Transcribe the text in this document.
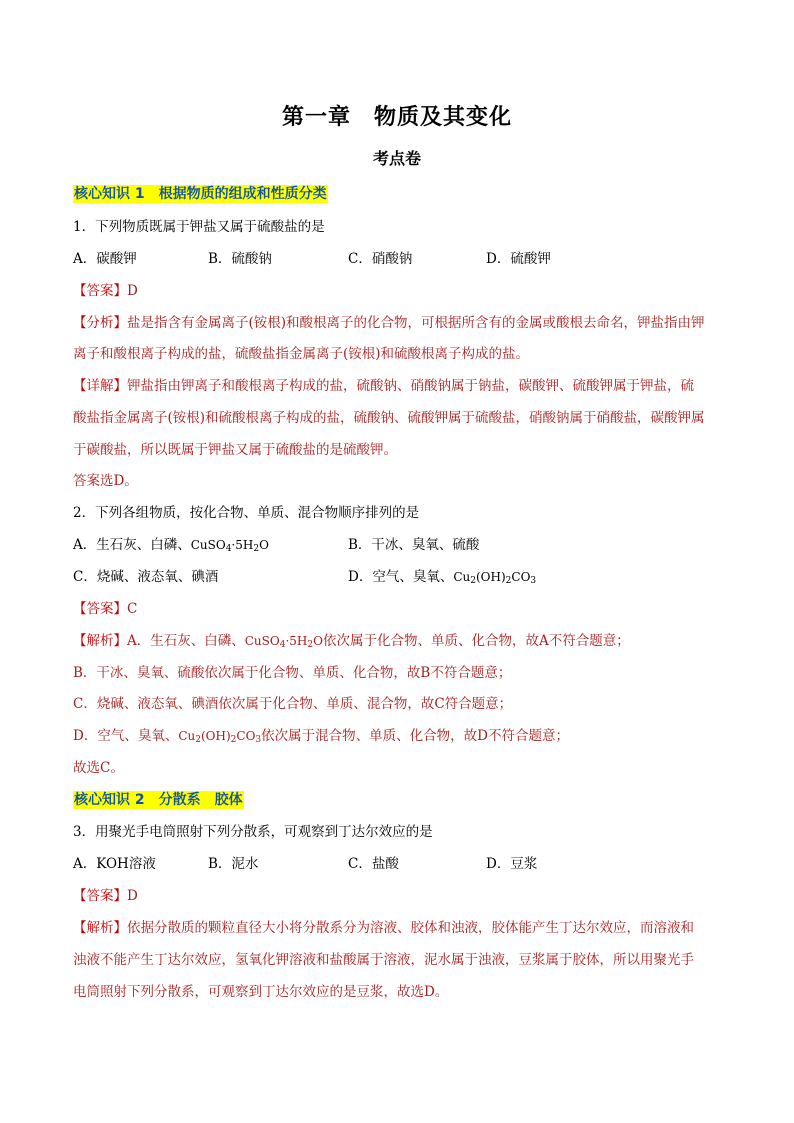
第一章　物质及其变化
考点卷
核心知识 1　根据物质的组成和性质分类
1．下列物质既属于钾盐又属于硫酸盐的是
A．碳酸钾	B．硫酸钠	C．硝酸钠	D．硫酸钾
【答案】D
【分析】盐是指含有金属离子(铵根)和酸根离子的化合物，可根据所含有的金属或酸根去命名，钾盐指由钾
离子和酸根离子构成的盐，硫酸盐指金属离子(铵根)和硫酸根离子构成的盐。
【详解】钾盐指由钾离子和酸根离子构成的盐，硫酸钠、硝酸钠属于钠盐，碳酸钾、硫酸钾属于钾盐，硫
酸盐指金属离子(铵根)和硫酸根离子构成的盐，硫酸钠、硫酸钾属于硫酸盐，硝酸钠属于硝酸盐，碳酸钾属
于碳酸盐，所以既属于钾盐又属于硫酸盐的是硫酸钾。
答案选D。
2．下列各组物质，按化合物、单质、混合物顺序排列的是
A．生石灰、白磷、$CuSO_4\cdot 5H_2O$	B．干冰、臭氧、硫酸
C．烧碱、液态氧、碘酒	D．空气、臭氧、$Cu_2(OH)_2CO_3$
【答案】C
【解析】A．生石灰、白磷、$CuSO_4\cdot 5H_2O$依次属于化合物、单质、化合物，故A不符合题意；
B．干冰、臭氧、硫酸依次属于化合物、单质、化合物，故B不符合题意；
C．烧碱、液态氧、碘酒依次属于化合物、单质、混合物，故C符合题意；
D．空气、臭氧、$Cu_2(OH)_2CO_3$依次属于混合物、单质、化合物，故D不符合题意；
故选C。
核心知识 2　分散系　胶体
3．用聚光手电筒照射下列分散系，可观察到丁达尔效应的是
A．KOH溶液	B．泥水	C．盐酸	D．豆浆
【答案】D
【解析】依据分散质的颗粒直径大小将分散系分为溶液、胶体和浊液，胶体能产生丁达尔效应，而溶液和
浊液不能产生丁达尔效应，氢氧化钾溶液和盐酸属于溶液，泥水属于浊液，豆浆属于胶体，所以用聚光手
电筒照射下列分散系，可观察到丁达尔效应的是豆浆，故选D。
